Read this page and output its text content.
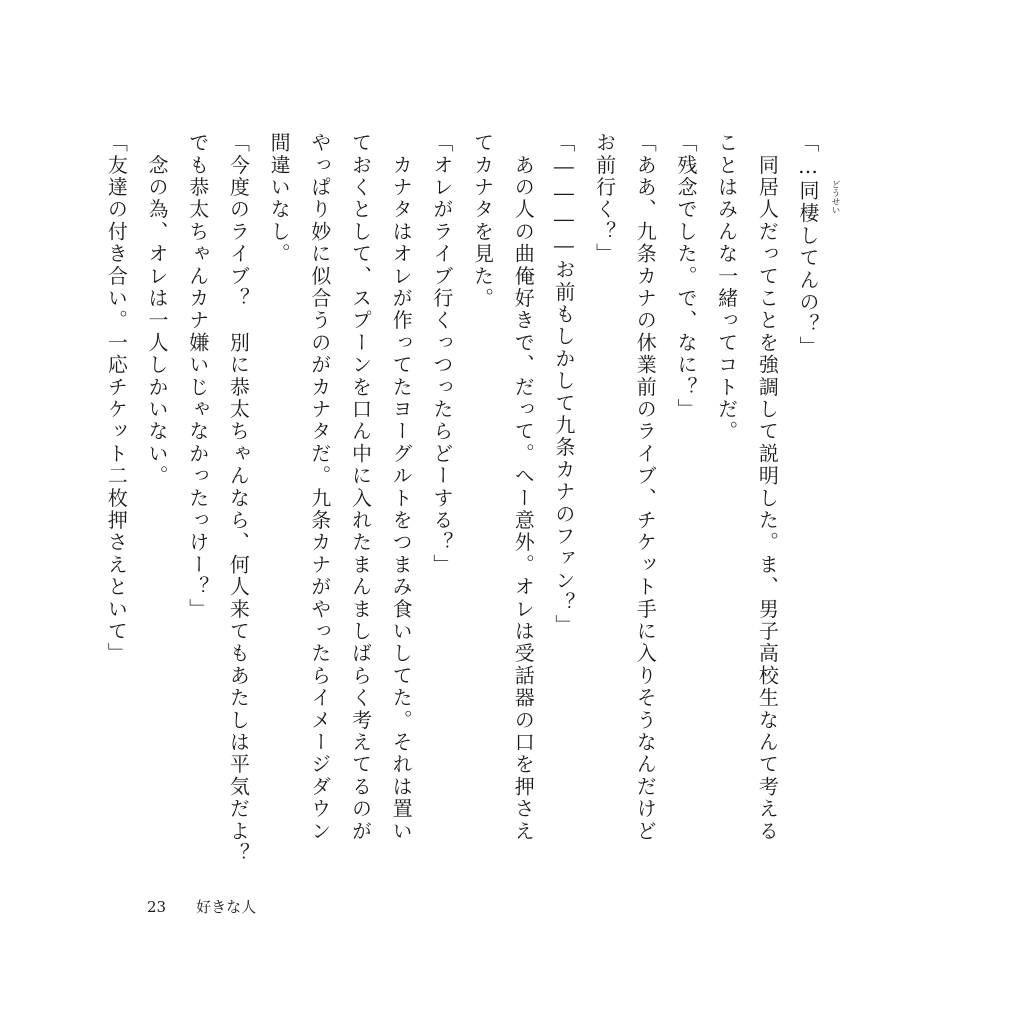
「…同棲 どうせい
してんの？」
　同居人だってことを強調して説明した。ま、男子高校生なんて考える
ことはみんな一緒ってコトだ。
「残念でした。で、なに？」
「ああ、九条カナの休業前のライブ、チケット手に入りそうなんだけど
お前行く？」
「――――お前もしかして九条カナのファン？」
　あの人の曲俺好きで、だって。へー意外。オレは受話器の口を押さえ
てカナタを見た。
「オレがライブ行くっつったらどーする？」
　カナタはオレが作ってたヨーグルトをつまみ食いしてた。それは置い
ておくとして、スプーンを口ん中に入れたまんましばらく考えてるのが
やっぱり妙に似合うのがカナタだ。九条カナがやったらイメージダウン
間違いなし。
「今度のライブ？　別に恭太ちゃんなら、何人来てもあたしは平気だよ？
でも恭太ちゃんカナ嫌いじゃなかったっけー？」
　念の為、オレは一人しかいない。
「友達の付き合い。一応チケット二枚押さえといて」
23 好きな人
